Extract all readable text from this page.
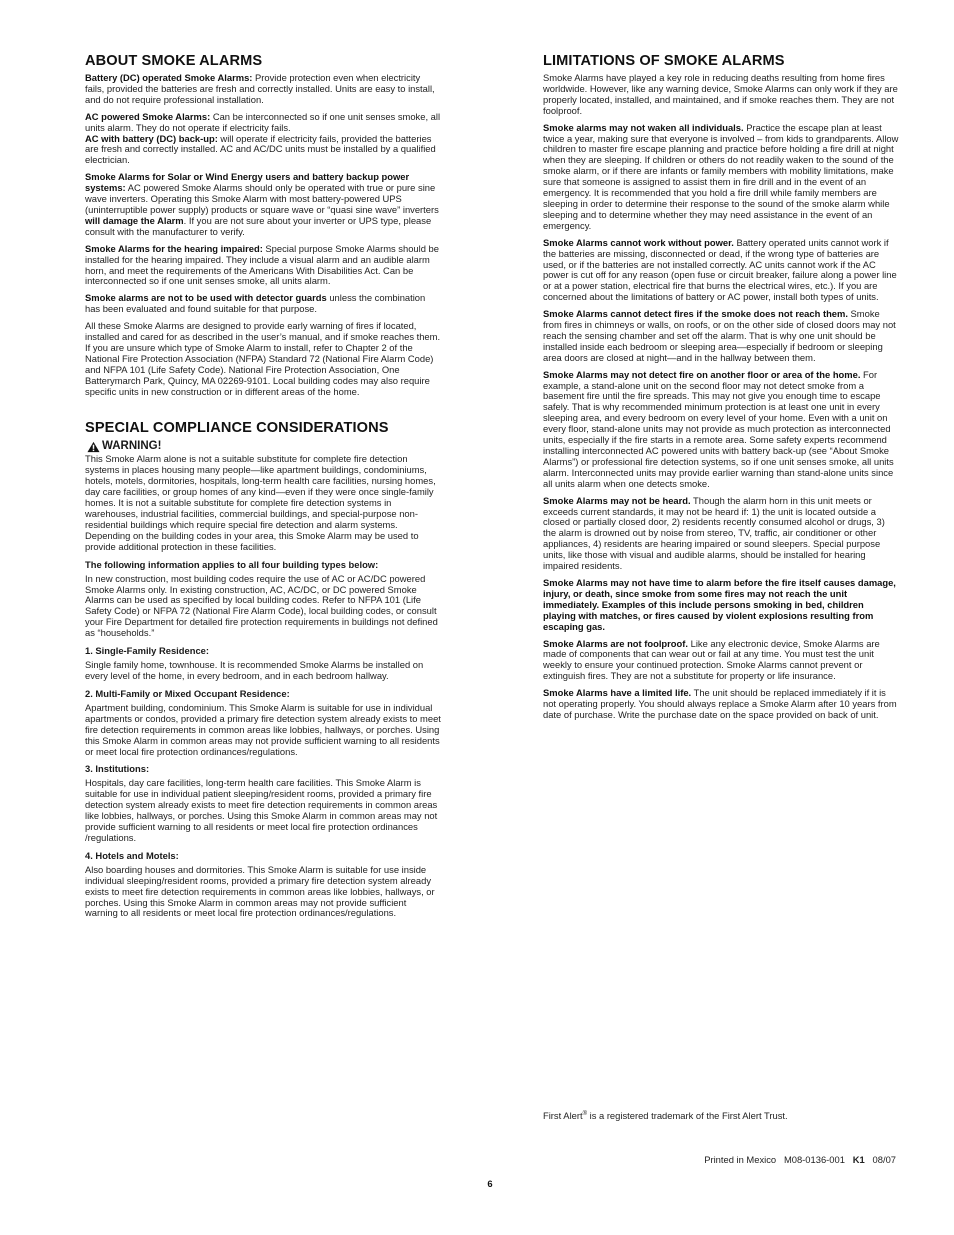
ABOUT SMOKE ALARMS

Battery (DC) operated Smoke Alarms: Provide protection even when electricity fails, provided the batteries are fresh and correctly installed. Units are easy to install, and do not require professional installation.

AC powered Smoke Alarms: Can be interconnected so if one unit senses smoke, all units alarm. They do not operate if electricity fails.
AC with battery (DC) back-up: will operate if electricity fails, provided the batteries are fresh and correctly installed. AC and AC/DC units must be installed by a qualified electrician.

Smoke Alarms for Solar or Wind Energy users and battery backup power systems: AC powered Smoke Alarms should only be operated with true or pure sine wave inverters. Operating this Smoke Alarm with most battery-powered UPS (uninterruptible power supply) products or square wave or “quasi sine wave” inverters will damage the Alarm. If you are not sure about your inverter or UPS type, please consult with the manufacturer to verify.

Smoke Alarms for the hearing impaired: Special purpose Smoke Alarms should be installed for the hearing impaired. They include a visual alarm and an audible alarm horn, and meet the requirements of the Americans With Disabilities Act. Can be interconnected so if one unit senses smoke, all units alarm.

Smoke alarms are not to be used with detector guards unless the combination has been evaluated and found suitable for that purpose.

All these Smoke Alarms are designed to provide early warning of fires if located, installed and cared for as described in the user’s manual, and if smoke reaches them. If you are unsure which type of Smoke Alarm to install, refer to Chapter 2 of the National Fire Protection Association (NFPA) Standard 72 (National Fire Alarm Code) and NFPA 101 (Life Safety Code). National Fire Protection Association, One Batterymarch Park, Quincy, MA 02269-9101. Local building codes may also require specific units in new construction or in different areas of the home.

SPECIAL COMPLIANCE CONSIDERATIONS
WARNING!

This Smoke Alarm alone is not a suitable substitute for complete fire detection systems in places housing many people—like apartment buildings, condominiums, hotels, motels, dormitories, hospitals, long-term health care facilities, nursing homes, day care facilities, or group homes of any kind—even if they were once single-family homes. It is not a suitable substitute for complete fire detection systems in warehouses, industrial facilities, commercial buildings, and special-purpose non-residential buildings which require special fire detection and alarm systems. Depending on the building codes in your area, this Smoke Alarm may be used to provide additional protection in these facilities.

The following information applies to all four building types below:

In new construction, most building codes require the use of AC or AC/DC powered Smoke Alarms only. In existing construction, AC, AC/DC, or DC powered Smoke Alarms can be used as specified by local building codes. Refer to NFPA 101 (Life Safety Code) or NFPA 72 (National Fire Alarm Code), local building codes, or consult your Fire Department for detailed fire protection requirements in buildings not defined as “households.”

1. Single-Family Residence:

Single family home, townhouse. It is recommended Smoke Alarms be installed on every level of the home, in every bedroom, and in each bedroom hallway.

2. Multi-Family or Mixed Occupant Residence:

Apartment building, condominium. This Smoke Alarm is suitable for use in individual apartments or condos, provided a primary fire detection system already exists to meet fire detection requirements in common areas like lobbies, hallways, or porches. Using this Smoke Alarm in common areas may not provide sufficient warning to all residents or meet local fire protection ordinances/regulations.

3. Institutions:

Hospitals, day care facilities, long-term health care facilities. This Smoke Alarm is suitable for use in individual patient sleeping/resident rooms, provided a primary fire detection system already exists to meet fire detection requirements in common areas like lobbies, hallways, or porches. Using this Smoke Alarm in common areas may not provide sufficient warning to all residents or meet local fire protection ordinances /regulations.

4. Hotels and Motels:

Also boarding houses and dormitories. This Smoke Alarm is suitable for use inside individual sleeping/resident rooms, provided a primary fire detection system already exists to meet fire detection requirements in common areas like lobbies, hallways, or porches. Using this Smoke Alarm in common areas may not provide sufficient warning to all residents or meet local fire protection ordinances/regulations.

LIMITATIONS OF SMOKE ALARMS

Smoke Alarms have played a key role in reducing deaths resulting from home fires worldwide. However, like any warning device, Smoke Alarms can only work if they are properly located, installed, and maintained, and if smoke reaches them. They are not foolproof.

Smoke alarms may not waken all individuals. Practice the escape plan at least twice a year, making sure that everyone is involved – from kids to grandparents. Allow children to master fire escape planning and practice before holding a fire drill at night when they are sleeping. If children or others do not readily waken to the sound of the smoke alarm, or if there are infants or family members with mobility limitations, make sure that someone is assigned to assist them in fire drill and in the event of an emergency. It is recommended that you hold a fire drill while family members are sleeping in order to determine their response to the sound of the smoke alarm while sleeping and to determine whether they may need assistance in the event of an emergency.

Smoke Alarms cannot work without power. Battery operated units cannot work if the batteries are missing, disconnected or dead, if the wrong type of batteries are used, or if the batteries are not installed correctly. AC units cannot work if the AC power is cut off for any reason (open fuse or circuit breaker, failure along a power line or at a power station, electrical fire that burns the electrical wires, etc.). If you are concerned about the limitations of battery or AC power, install both types of units.

Smoke Alarms cannot detect fires if the smoke does not reach them. Smoke from fires in chimneys or walls, on roofs, or on the other side of closed doors may not reach the sensing chamber and set off the alarm. That is why one unit should be installed inside each bedroom or sleeping area—especially if bedroom or sleeping area doors are closed at night—and in the hallway between them.

Smoke Alarms may not detect fire on another floor or area of the home. For example, a stand-alone unit on the second floor may not detect smoke from a basement fire until the fire spreads. This may not give you enough time to escape safely. That is why recommended minimum protection is at least one unit in every sleeping area, and every bedroom on every level of your home. Even with a unit on every floor, stand-alone units may not provide as much protection as interconnected units, especially if the fire starts in a remote area. Some safety experts recommend installing interconnected AC powered units with battery back-up (see “About Smoke Alarms”) or professional fire detection systems, so if one unit senses smoke, all units alarm. Interconnected units may provide earlier warning than stand-alone units since all units alarm when one detects smoke.

Smoke Alarms may not be heard. Though the alarm horn in this unit meets or exceeds current standards, it may not be heard if: 1) the unit is located outside a closed or partially closed door, 2) residents recently consumed alcohol or drugs, 3) the alarm is drowned out by noise from stereo, TV, traffic, air conditioner or other appliances, 4) residents are hearing impaired or sound sleepers. Special purpose units, like those with visual and audible alarms, should be installed for hearing impaired residents.

Smoke Alarms may not have time to alarm before the fire itself causes damage, injury, or death, since smoke from some fires may not reach the unit immediately. Examples of this include persons smoking in bed, children playing with matches, or fires caused by violent explosions resulting from escaping gas.

Smoke Alarms are not foolproof. Like any electronic device, Smoke Alarms are made of components that can wear out or fail at any time. You must test the unit weekly to ensure your continued protection. Smoke Alarms cannot prevent or extinguish fires. They are not a substitute for property or life insurance.

Smoke Alarms have a limited life. The unit should be replaced immediately if it is not operating properly. You should always replace a Smoke Alarm after 10 years from date of purchase. Write the purchase date on the space provided on back of unit.

First Alert® is a registered trademark of the First Alert Trust.
Printed in Mexico   M08-0136-001   K1   08/07
6
